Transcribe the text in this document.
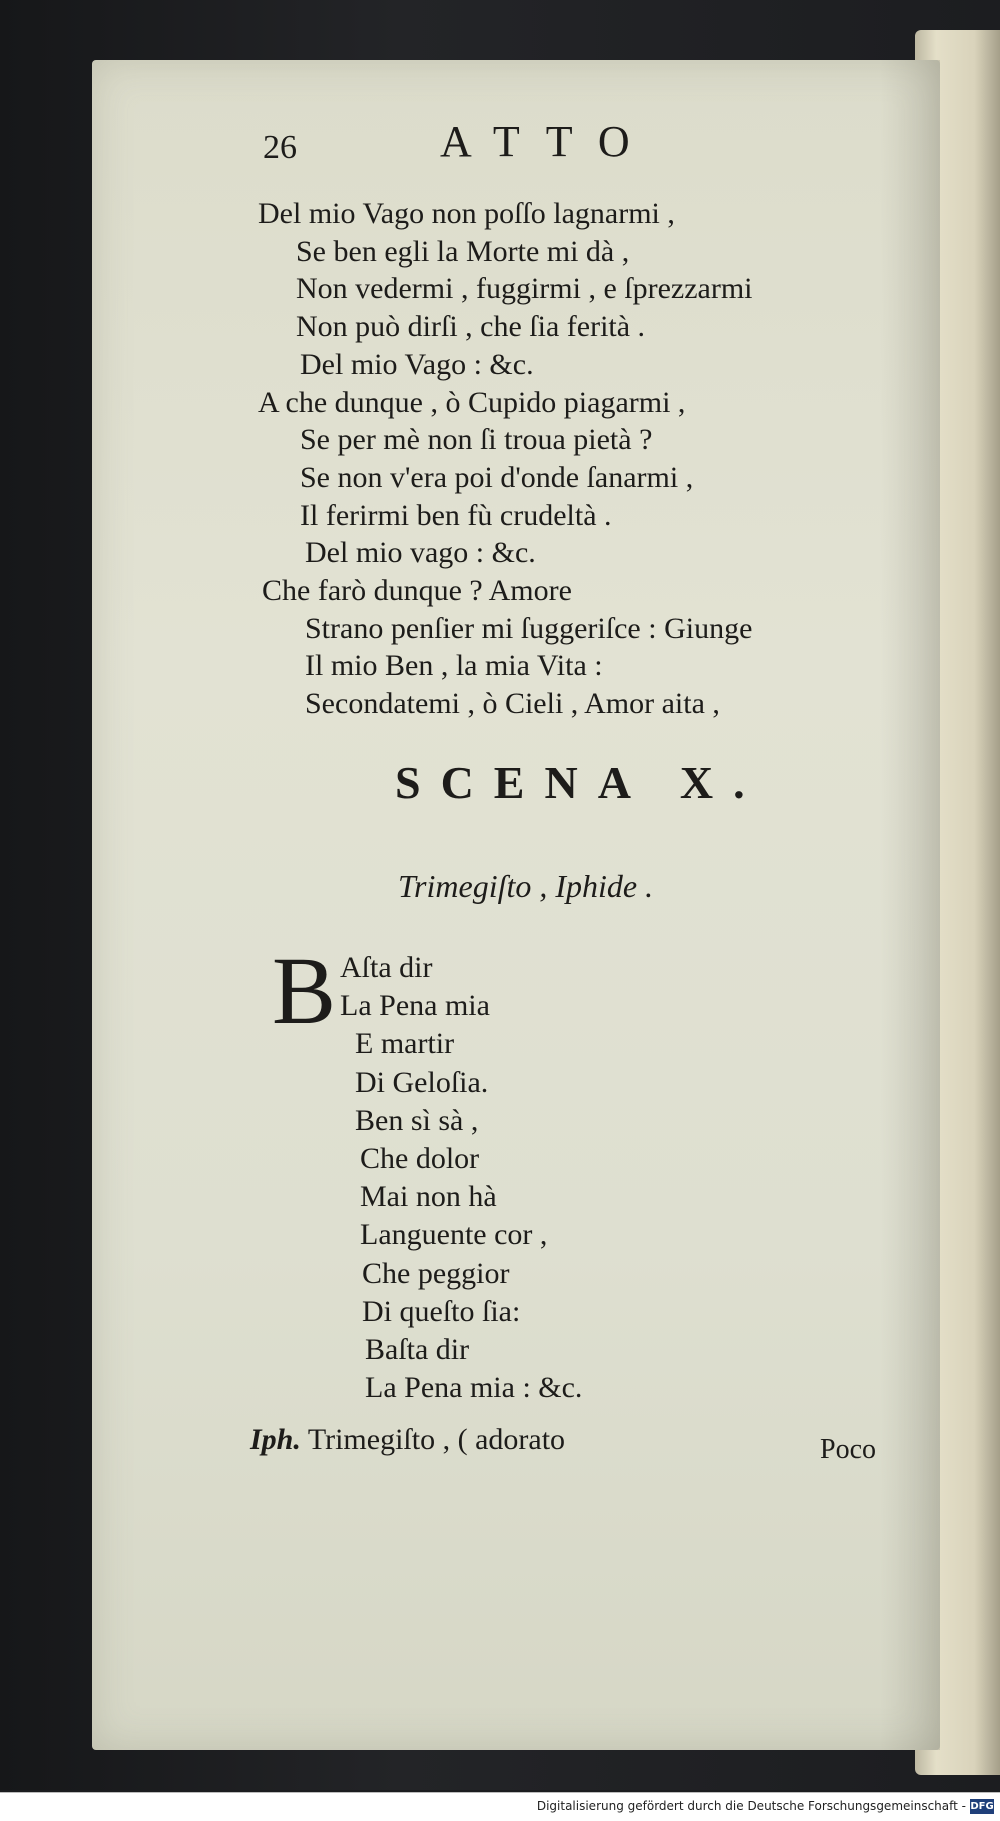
26	ATTO
Del mio Vago non poſſo lagnarmi ,
Se ben egli la Morte mi dà ,
Non vedermi , fuggirmi , e ſprezzarmi
Non può dirſi , che ſia ferità .
Del mio Vago : &c.
A che dunque , ò Cupido piagarmi ,
Se per mè non ſi troua pietà ?
Se non v'era poi d'onde ſanarmi ,
Il ferirmi ben fù crudeltà .
Del mio vago : &c.
Che farò dunque ? Amore
Strano penſier mi ſuggeriſce : Giunge
Il mio Ben , la mia Vita :
Secondatemi , ò Cieli , Amor aita ,
SCENA X.
Trimegiſto , Iphide .
B Aſta dir
La Pena mia
E martir
Di Geloſia.
Ben sì sà ,
Che dolor
Mai non hà
Languente cor ,
Che peggior
Di queſto ſia:
Baſta dir
La Pena mia : &c.
Iph. Trimegiſto , ( adorato	Poco
Digitalisierung gefördert durch die Deutsche Forschungsgemeinschaft - DFG
